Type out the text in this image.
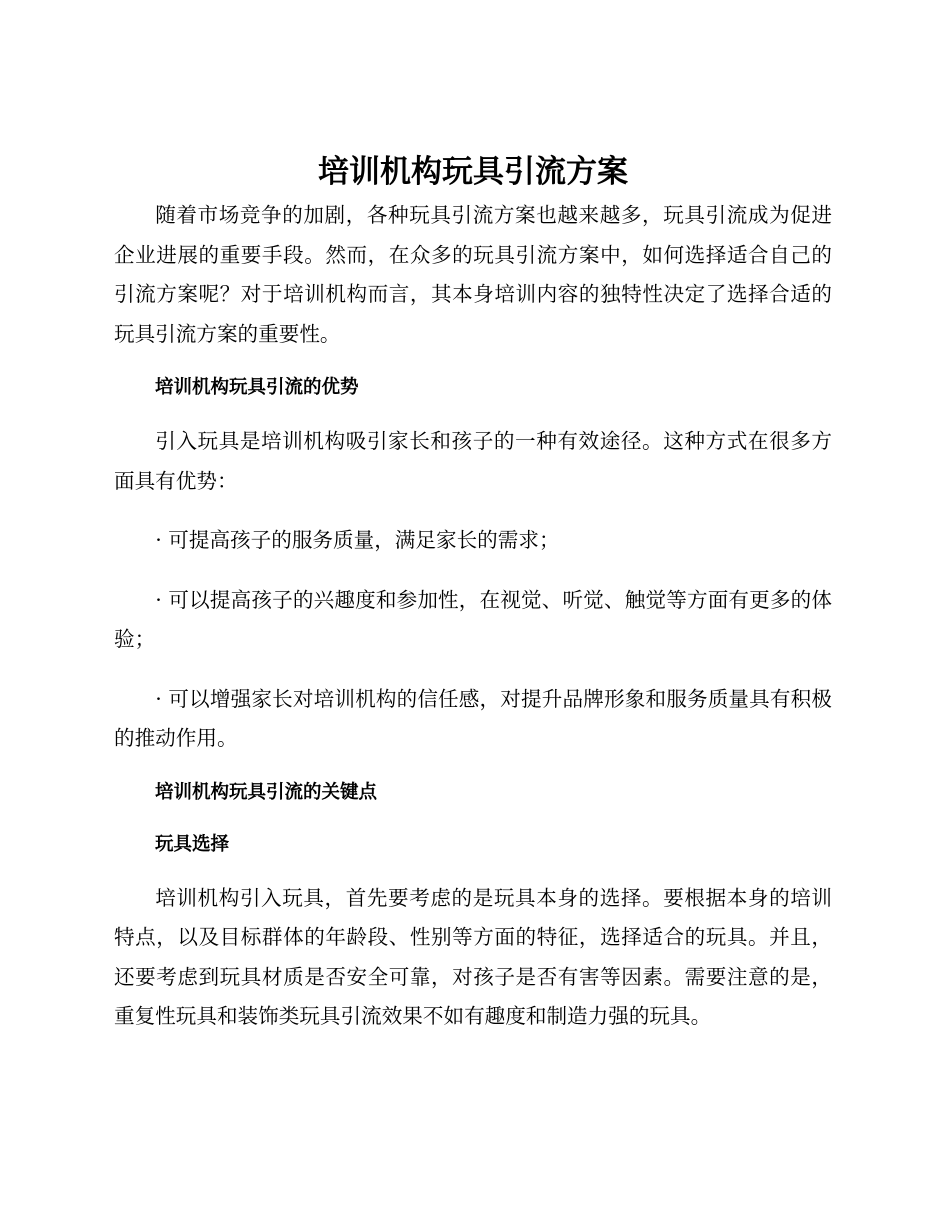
培训机构玩具引流方案

随着市场竞争的加剧，各种玩具引流方案也越来越多，玩具引流成为促进企业进展的重要手段。然而，在众多的玩具引流方案中，如何选择适合自己的引流方案呢？对于培训机构而言，其本身培训内容的独特性决定了选择合适的玩具引流方案的重要性。

培训机构玩具引流的优势

引入玩具是培训机构吸引家长和孩子的一种有效途径。这种方式在很多方面具有优势：

· 可提高孩子的服务质量，满足家长的需求；

· 可以提高孩子的兴趣度和参加性，在视觉、听觉、触觉等方面有更多的体验；

· 可以增强家长对培训机构的信任感，对提升品牌形象和服务质量具有积极的推动作用。

培训机构玩具引流的关键点
玩具选择

培训机构引入玩具，首先要考虑的是玩具本身的选择。要根据本身的培训特点，以及目标群体的年龄段、性别等方面的特征，选择适合的玩具。并且，还要考虑到玩具材质是否安全可靠，对孩子是否有害等因素。需要注意的是，重复性玩具和装饰类玩具引流效果不如有趣度和制造力强的玩具。
